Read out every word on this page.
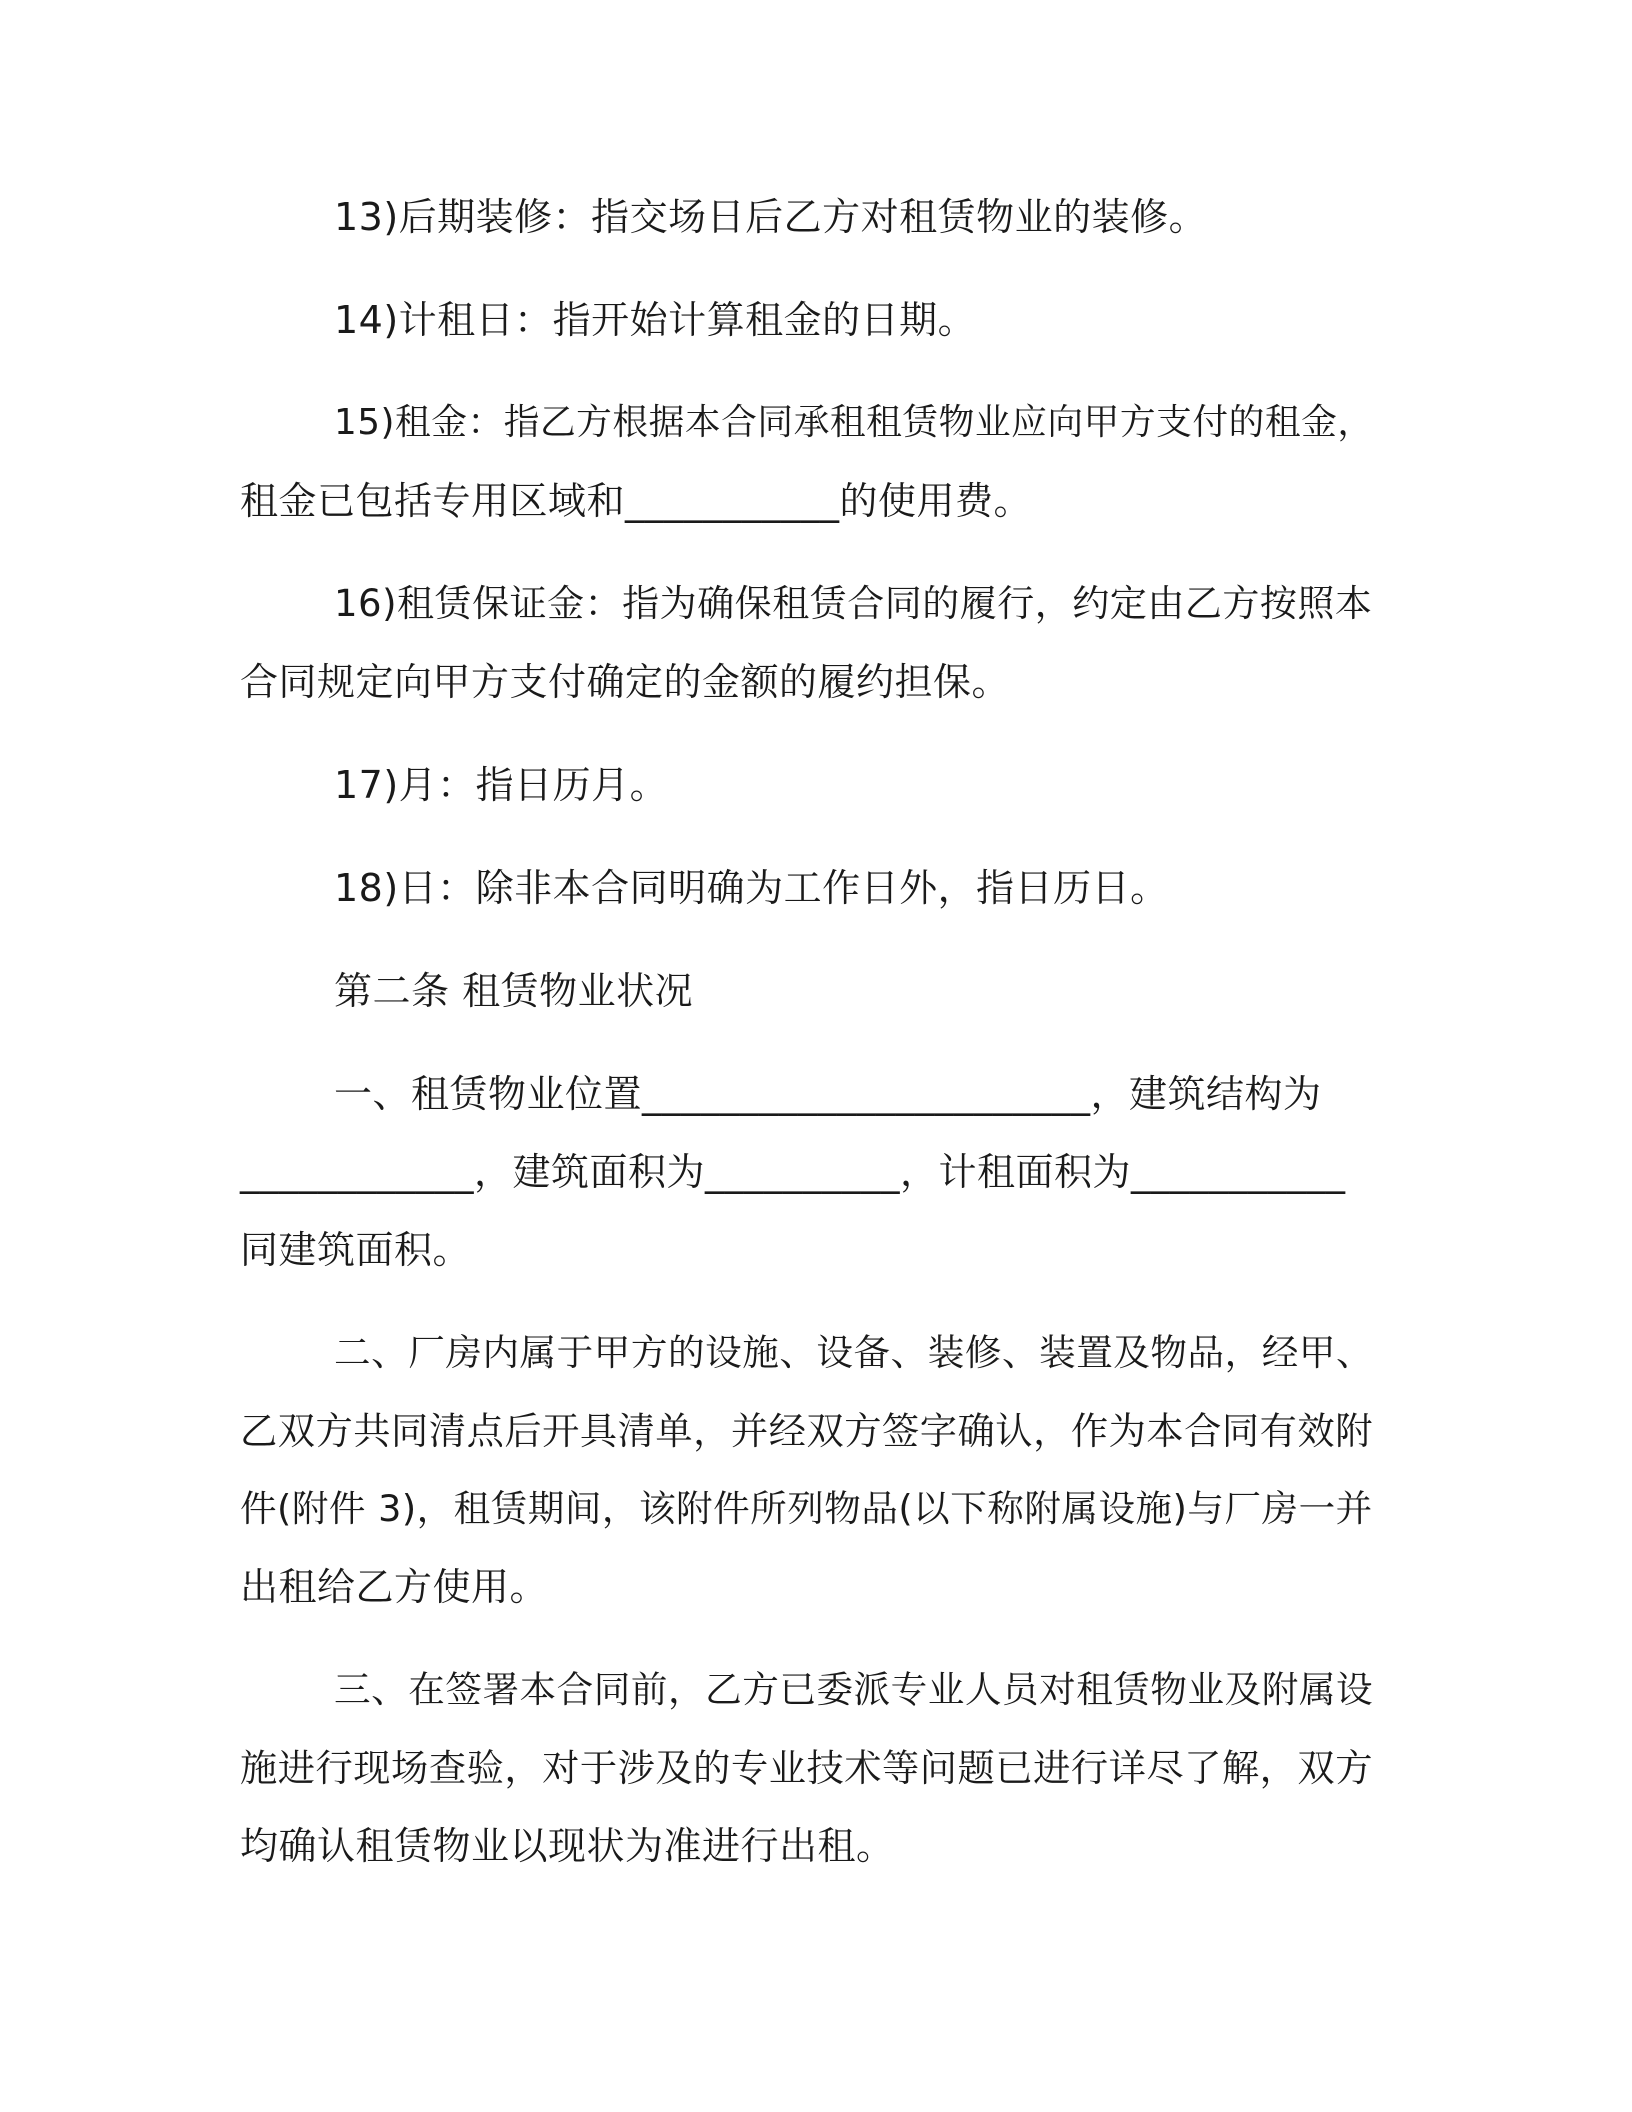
13)后期装修：指交场日后乙方对租赁物业的装修。
14)计租日：指开始计算租金的日期。
15)租金：指乙方根据本合同承租租赁物业应向甲方支付的租金，
租金已包括专用区域和___________的使用费。
16)租赁保证金：指为确保租赁合同的履行，约定由乙方按照本
合同规定向甲方支付确定的金额的履约担保。
17)月：指日历月。
18)日：除非本合同明确为工作日外，指日历日。
第二条 租赁物业状况
一、租赁物业位置_______________________，建筑结构为
____________，建筑面积为__________，计租面积为___________
同建筑面积。
二、厂房内属于甲方的设施、设备、装修、装置及物品，经甲、
乙双方共同清点后开具清单，并经双方签字确认，作为本合同有效附
件(附件 3)，租赁期间，该附件所列物品(以下称附属设施)与厂房一并
出租给乙方使用。
三、在签署本合同前，乙方已委派专业人员对租赁物业及附属设
施进行现场查验，对于涉及的专业技术等问题已进行详尽了解，双方
均确认租赁物业以现状为准进行出租。
